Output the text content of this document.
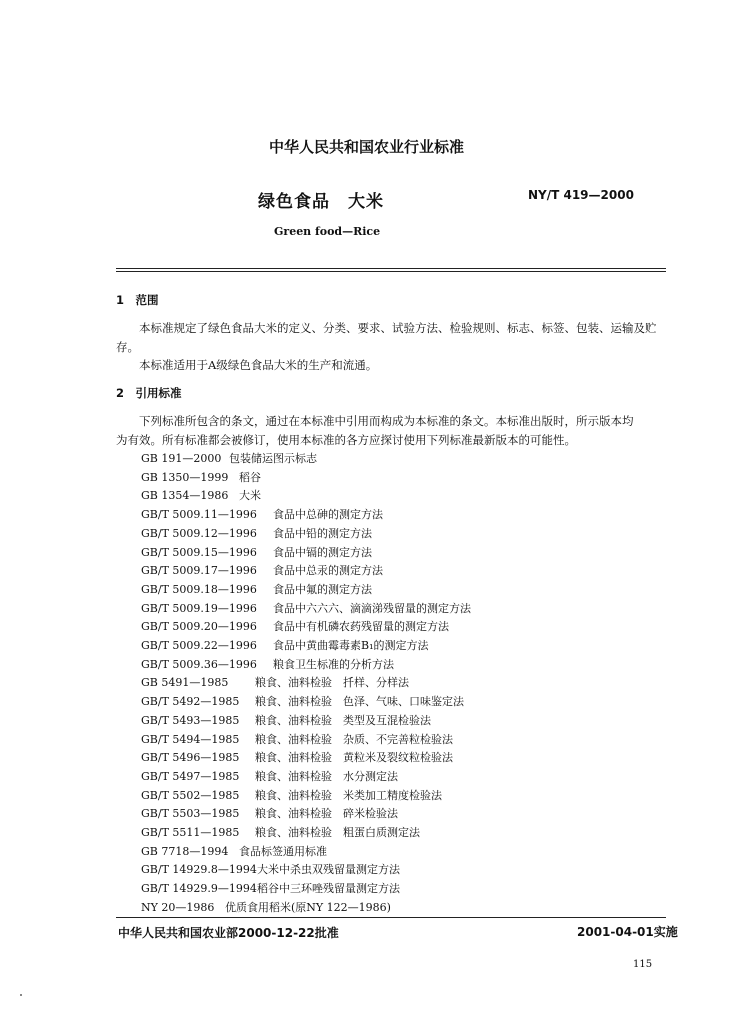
中华人民共和国农业行业标准
绿色食品　大米	NY/T 419—2000
Green food—Rice
1　范围
本标准规定了绿色食品大米的定义、分类、要求、试验方法、检验规则、标志、标签、包装、运输及贮
存。
本标准适用于A级绿色食品大米的生产和流通。
2　引用标准
下列标准所包含的条文，通过在本标准中引用而构成为本标准的条文。本标准出版时，所示版本均
为有效。所有标准都会被修订，使用本标准的各方应探讨使用下列标准最新版本的可能性。
GB 191—2000 包装储运图示标志
GB 1350—1999 稻谷
GB 1354—1986 大米
GB/T 5009.11—1996 食品中总砷的测定方法
GB/T 5009.12—1996 食品中铅的测定方法
GB/T 5009.15—1996 食品中镉的测定方法
GB/T 5009.17—1996 食品中总汞的测定方法
GB/T 5009.18—1996 食品中氟的测定方法
GB/T 5009.19—1996 食品中六六六、滴滴涕残留量的测定方法
GB/T 5009.20—1996 食品中有机磷农药残留量的测定方法
GB/T 5009.22—1996 食品中黄曲霉毒素B₁的测定方法
GB/T 5009.36—1996 粮食卫生标准的分析方法
GB 5491—1985 粮食、油料检验　扦样、分样法
GB/T 5492—1985 粮食、油料检验　色泽、气味、口味鉴定法
GB/T 5493—1985 粮食、油料检验　类型及互混检验法
GB/T 5494—1985 粮食、油料检验　杂质、不完善粒检验法
GB/T 5496—1985 粮食、油料检验　黄粒米及裂纹粒检验法
GB/T 5497—1985 粮食、油料检验　水分测定法
GB/T 5502—1985 粮食、油料检验　米类加工精度检验法
GB/T 5503—1985 粮食、油料检验　碎米检验法
GB/T 5511—1985 粮食、油料检验　粗蛋白质测定法
GB 7718—1994 食品标签通用标准
GB/T 14929.8—1994大米中杀虫双残留量测定方法
GB/T 14929.9—1994稻谷中三环唑残留量测定方法
NY 20—1986 优质食用稻米(原NY 122—1986)
中华人民共和国农业部2000-12-22批准	2001-04-01实施
115
